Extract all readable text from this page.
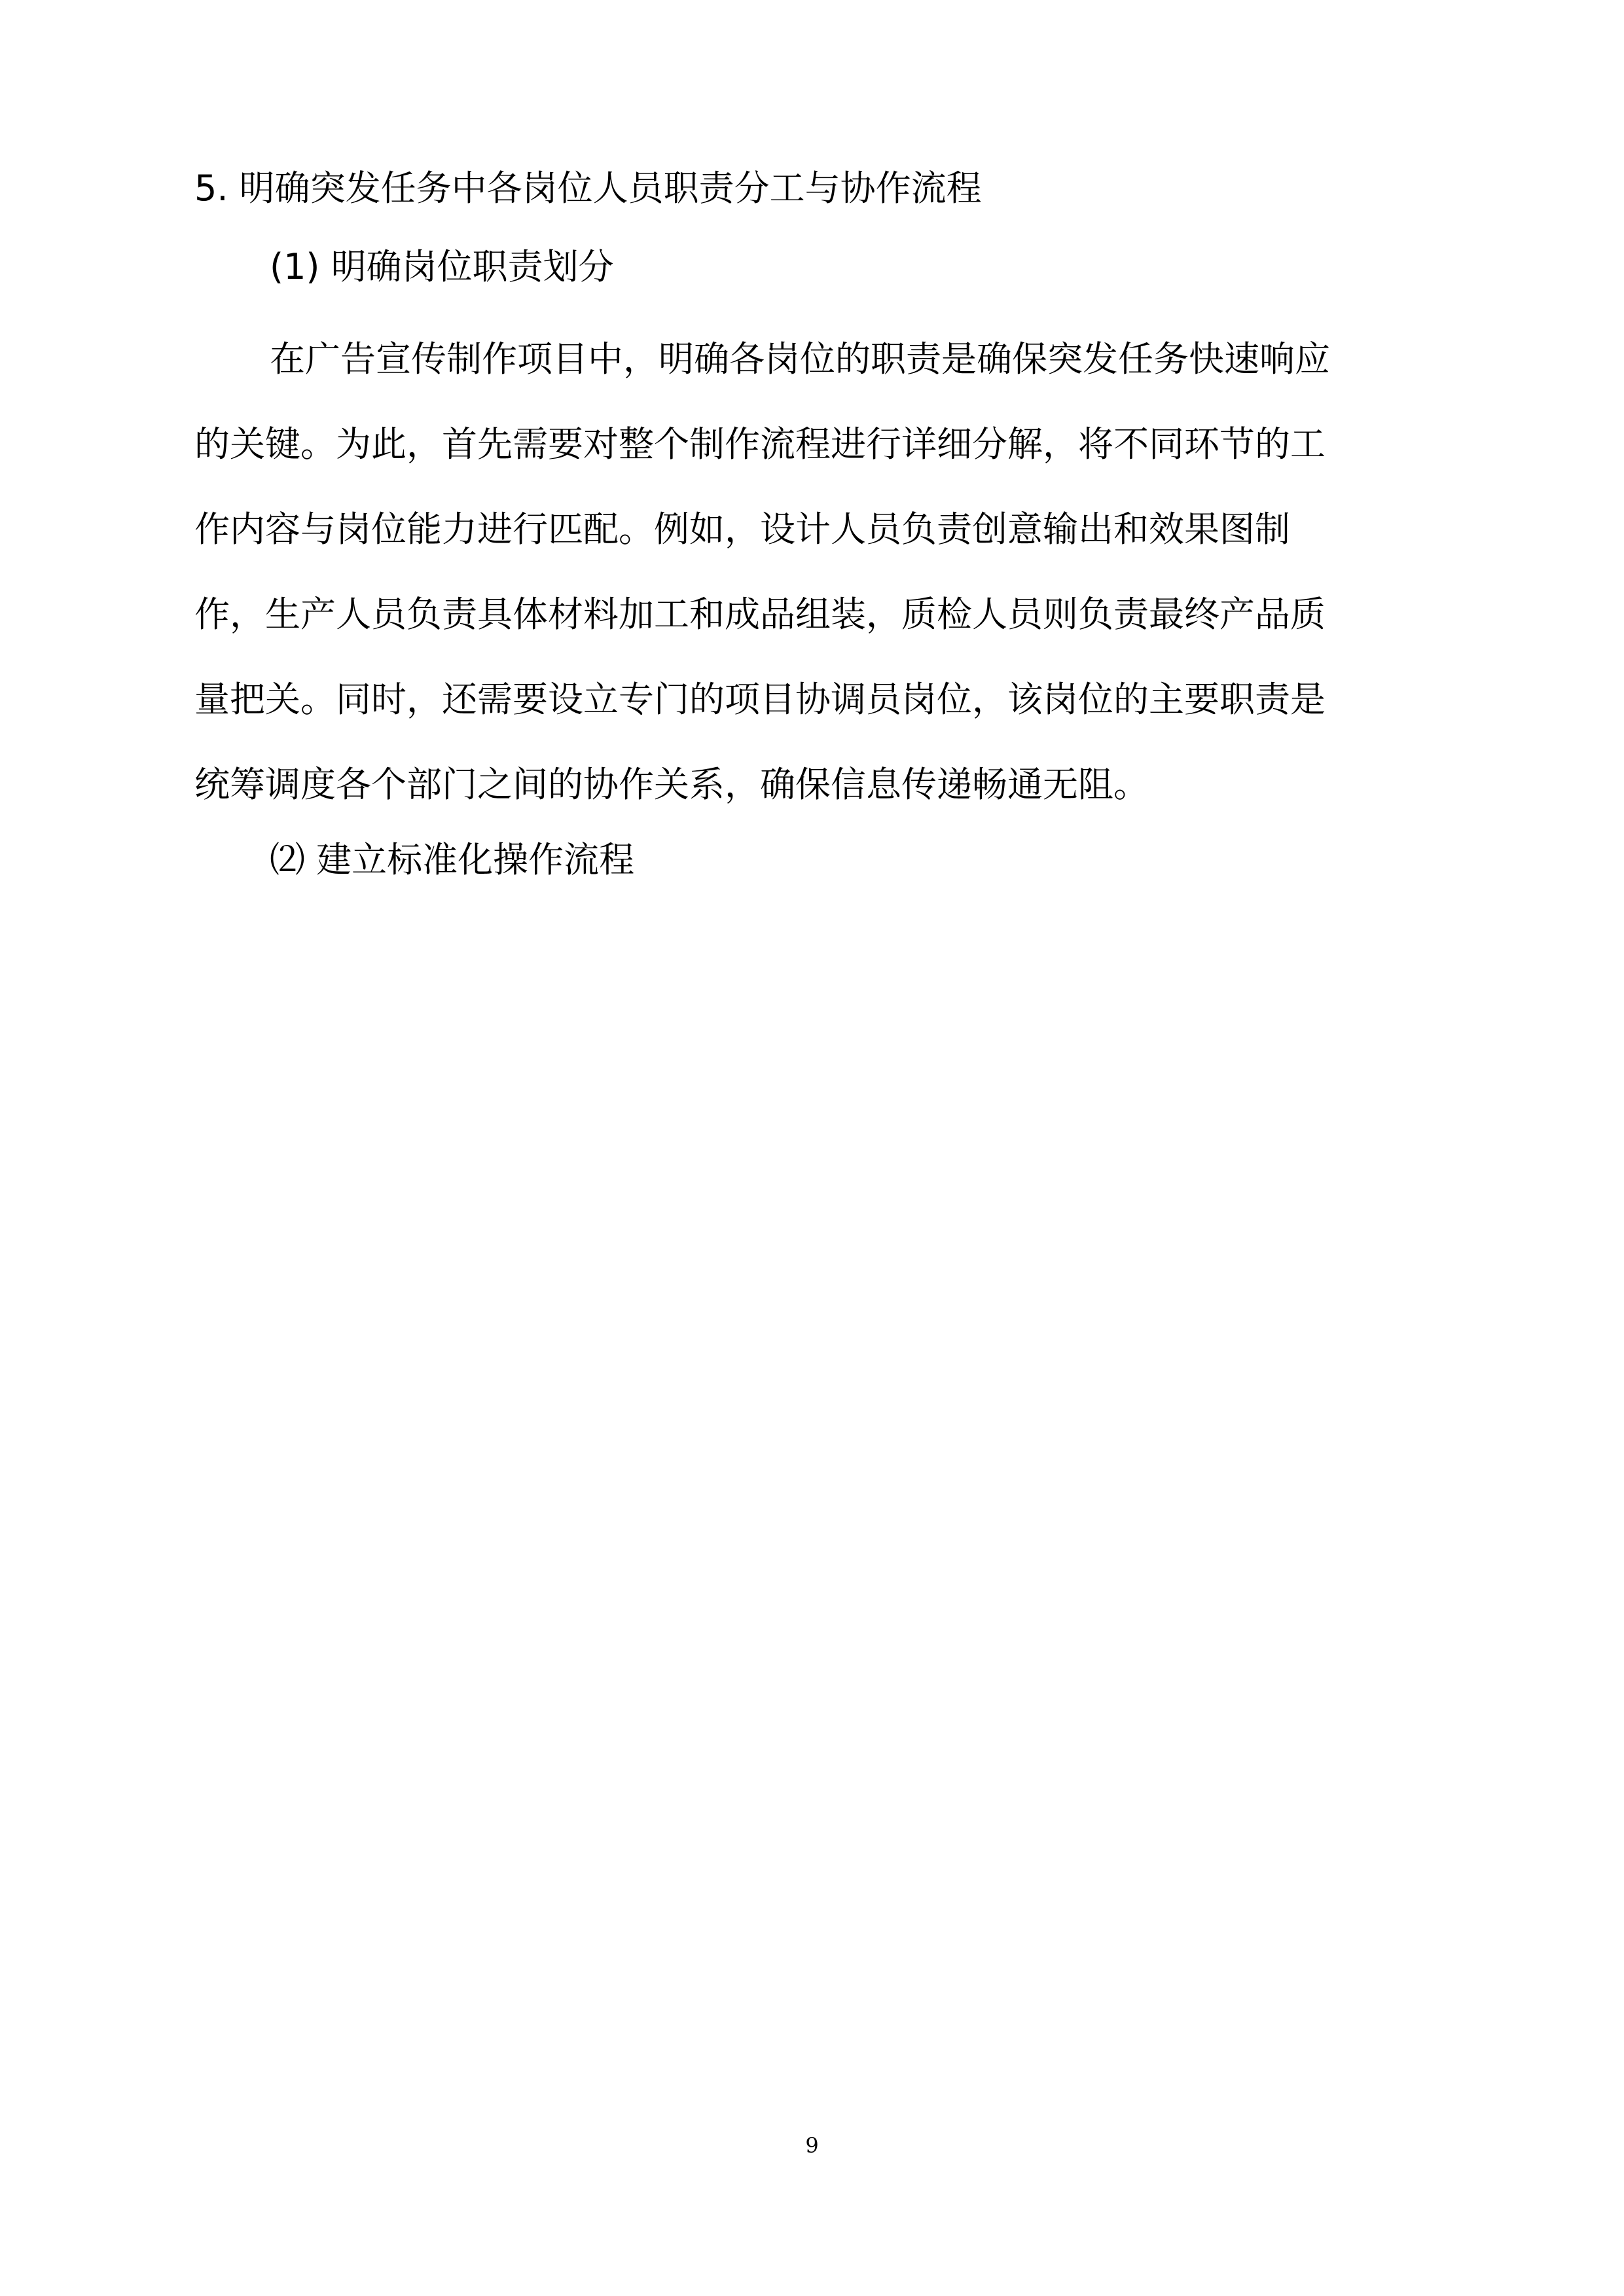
5. 明确突发任务中各岗位人员职责分工与协作流程
(1) 明确岗位职责划分
在广告宣传制作项目中，明确各岗位的职责是确保突发任务快速响应
的关键。为此，首先需要对整个制作流程进行详细分解，将不同环节的工
作内容与岗位能力进行匹配。例如，设计人员负责创意输出和效果图制
作，生产人员负责具体材料加工和成品组装，质检人员则负责最终产品质
量把关。同时，还需要设立专门的项目协调员岗位，该岗位的主要职责是
统筹调度各个部门之间的协作关系，确保信息传递畅通无阻。
⑵ 建立标准化操作流程
9
